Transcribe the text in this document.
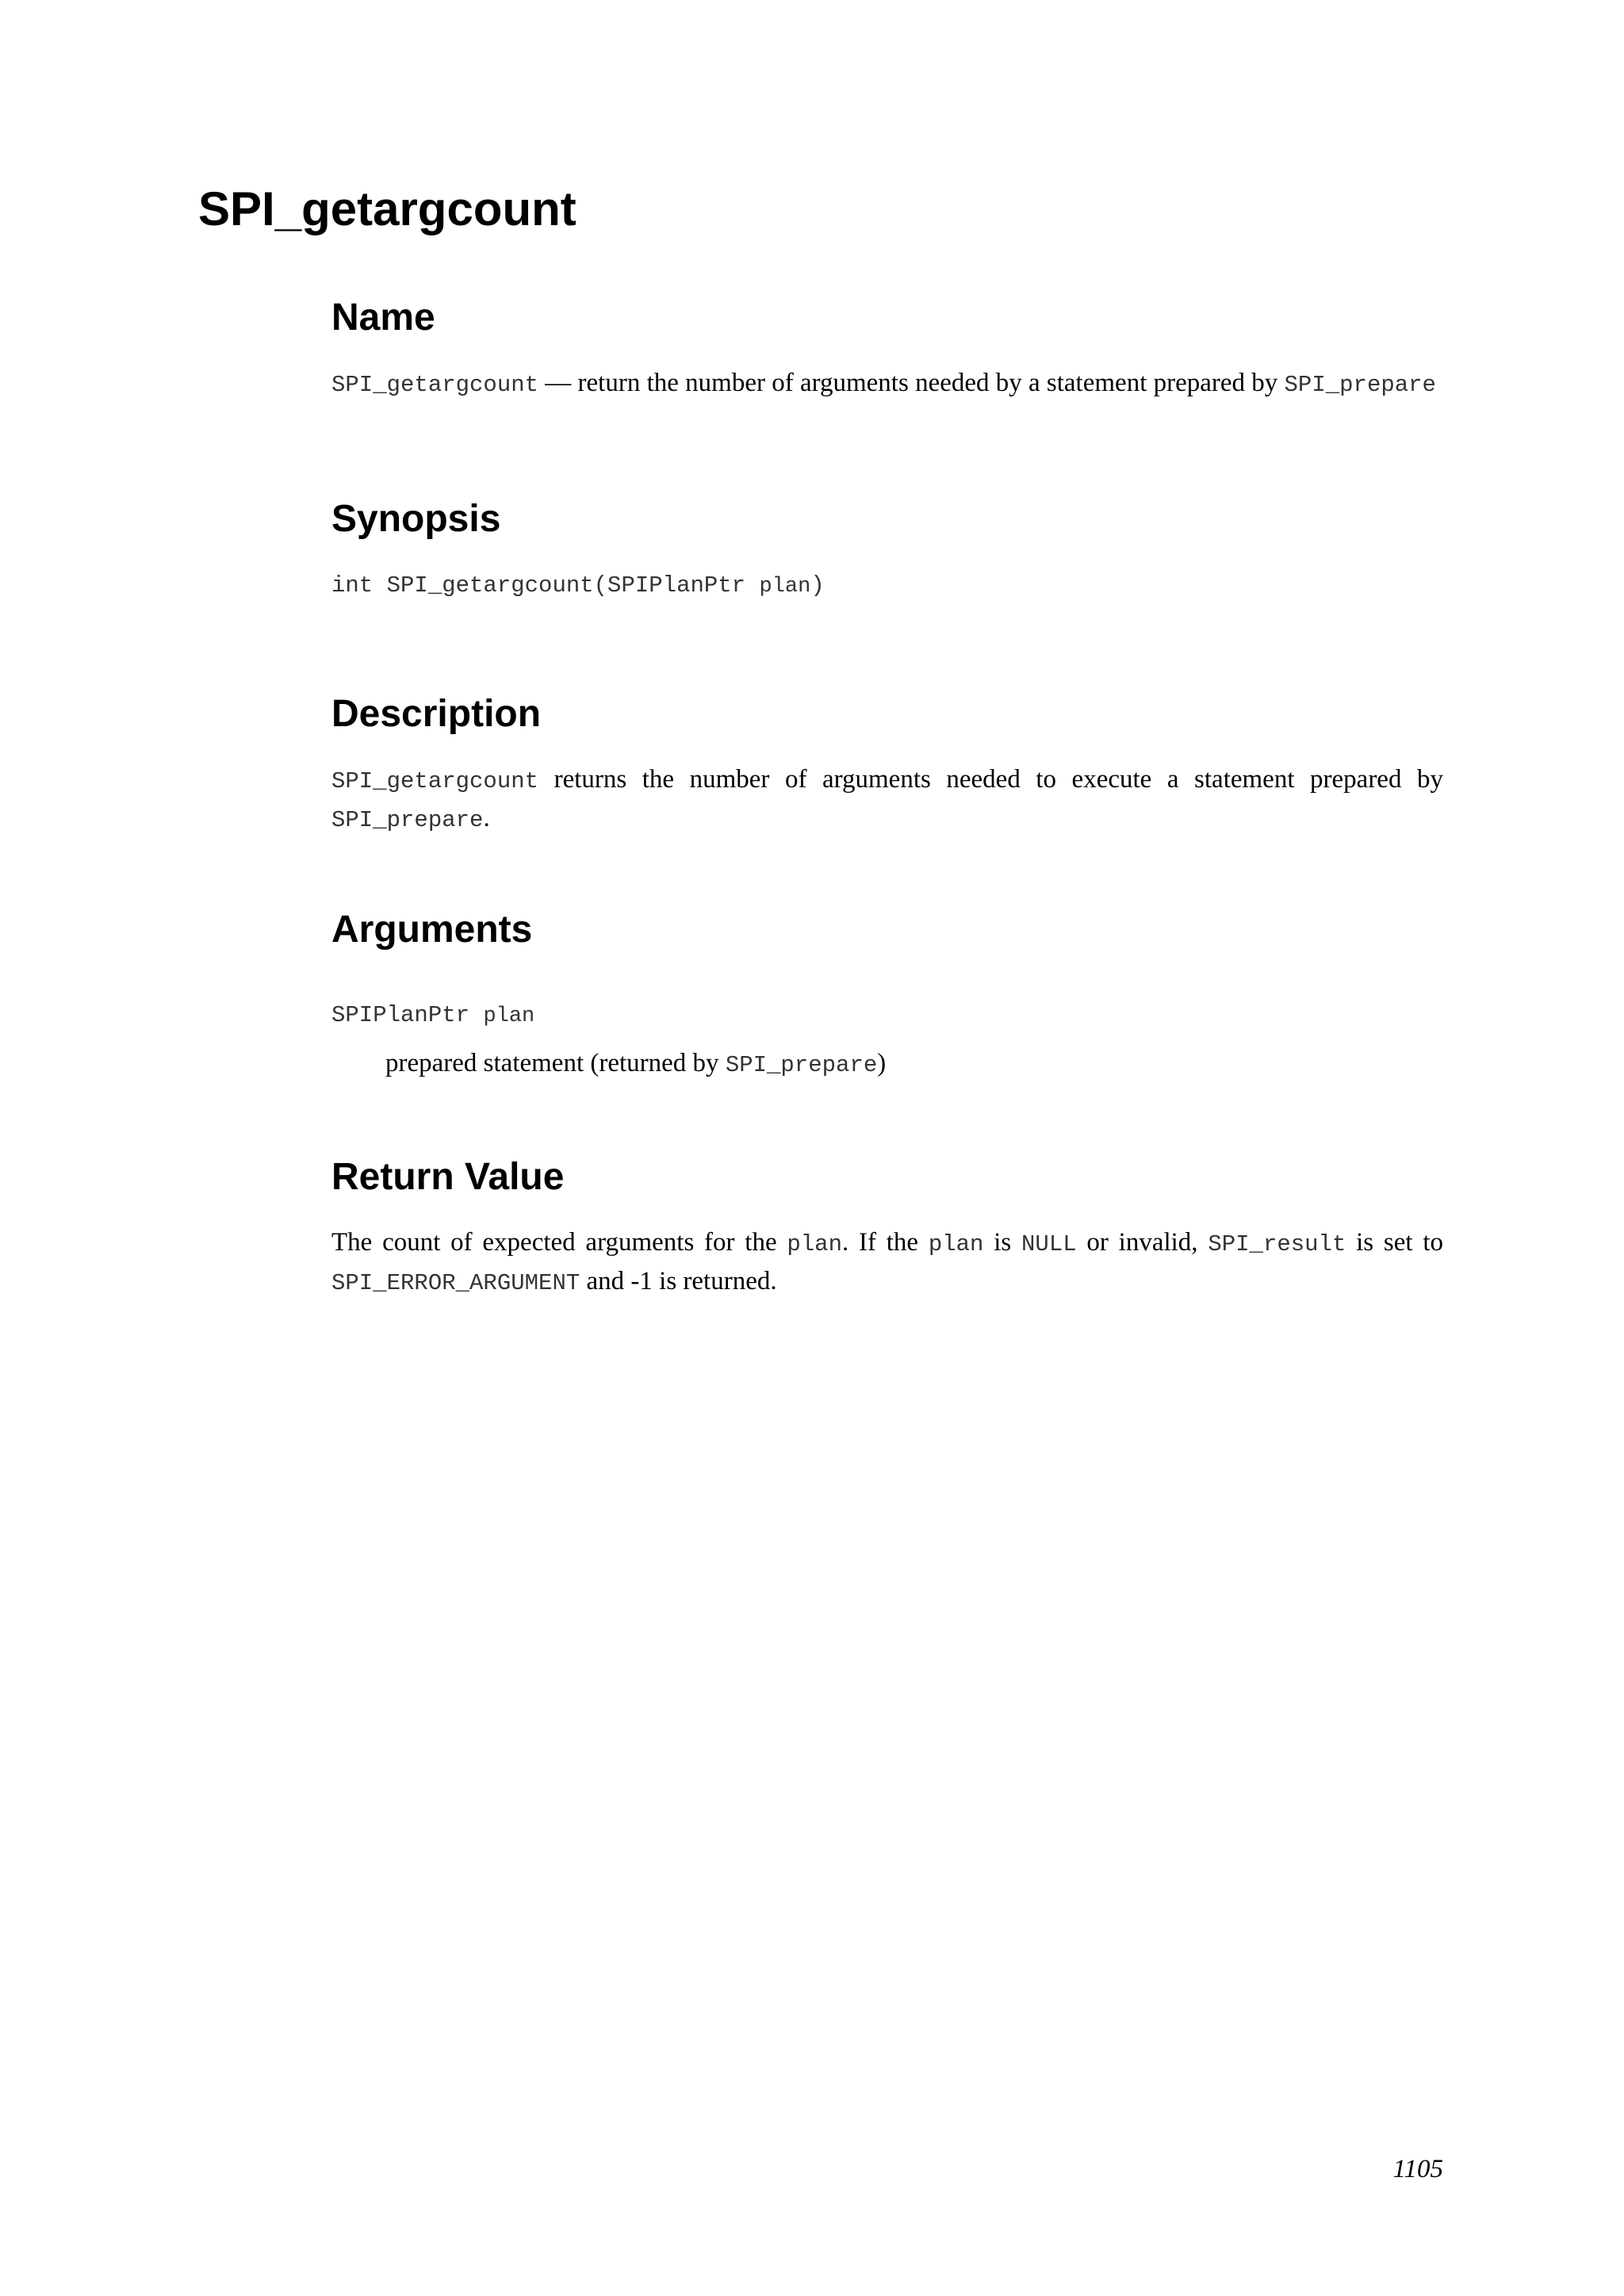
SPI_getargcount
Name

SPI_getargcount — return the number of arguments needed by a statement prepared by SPI_prepare

Synopsis

int SPI_getargcount(SPIPlanPtr plan)

Description

SPI_getargcount returns the number of arguments needed to execute a statement prepared by SPI_prepare.

Arguments

SPIPlanPtr plan

prepared statement (returned by SPI_prepare)

Return Value

The count of expected arguments for the plan. If the plan is NULL or invalid, SPI_result is set to SPI_ERROR_ARGUMENT and -1 is returned.

1105
